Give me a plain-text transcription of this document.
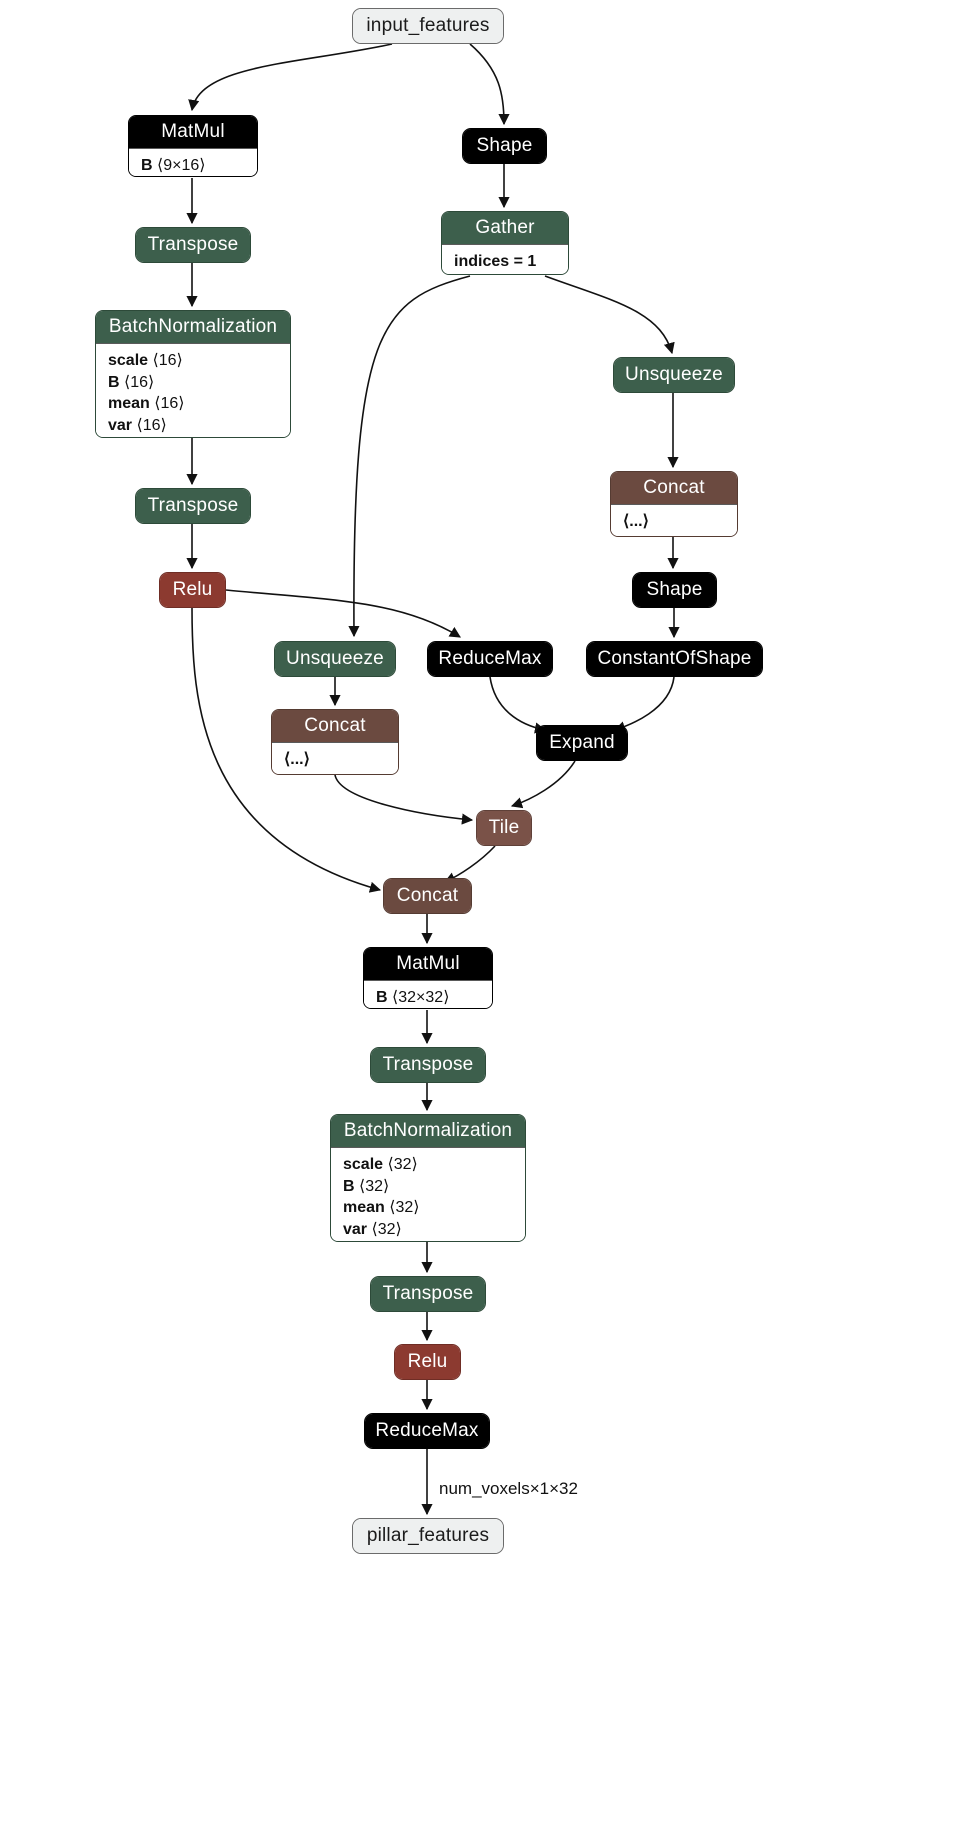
input_features
MatMul
B ⟨9×16⟩
Shape
Transpose
Gather
indices = 1
BatchNormalization
scale ⟨16⟩
B ⟨16⟩
mean ⟨16⟩
var ⟨16⟩
Unsqueeze
Transpose
Concat
⟨...⟩
Relu	Shape
Unsqueeze	ReduceMax	ConstantOfShape
Concat
⟨...⟩
Expand
Tile
Concat
MatMul
B ⟨32×32⟩
Transpose
BatchNormalization
scale ⟨32⟩
B ⟨32⟩
mean ⟨32⟩
var ⟨32⟩
Transpose
Relu
ReduceMax
pillar_features
num_voxels×1×32
